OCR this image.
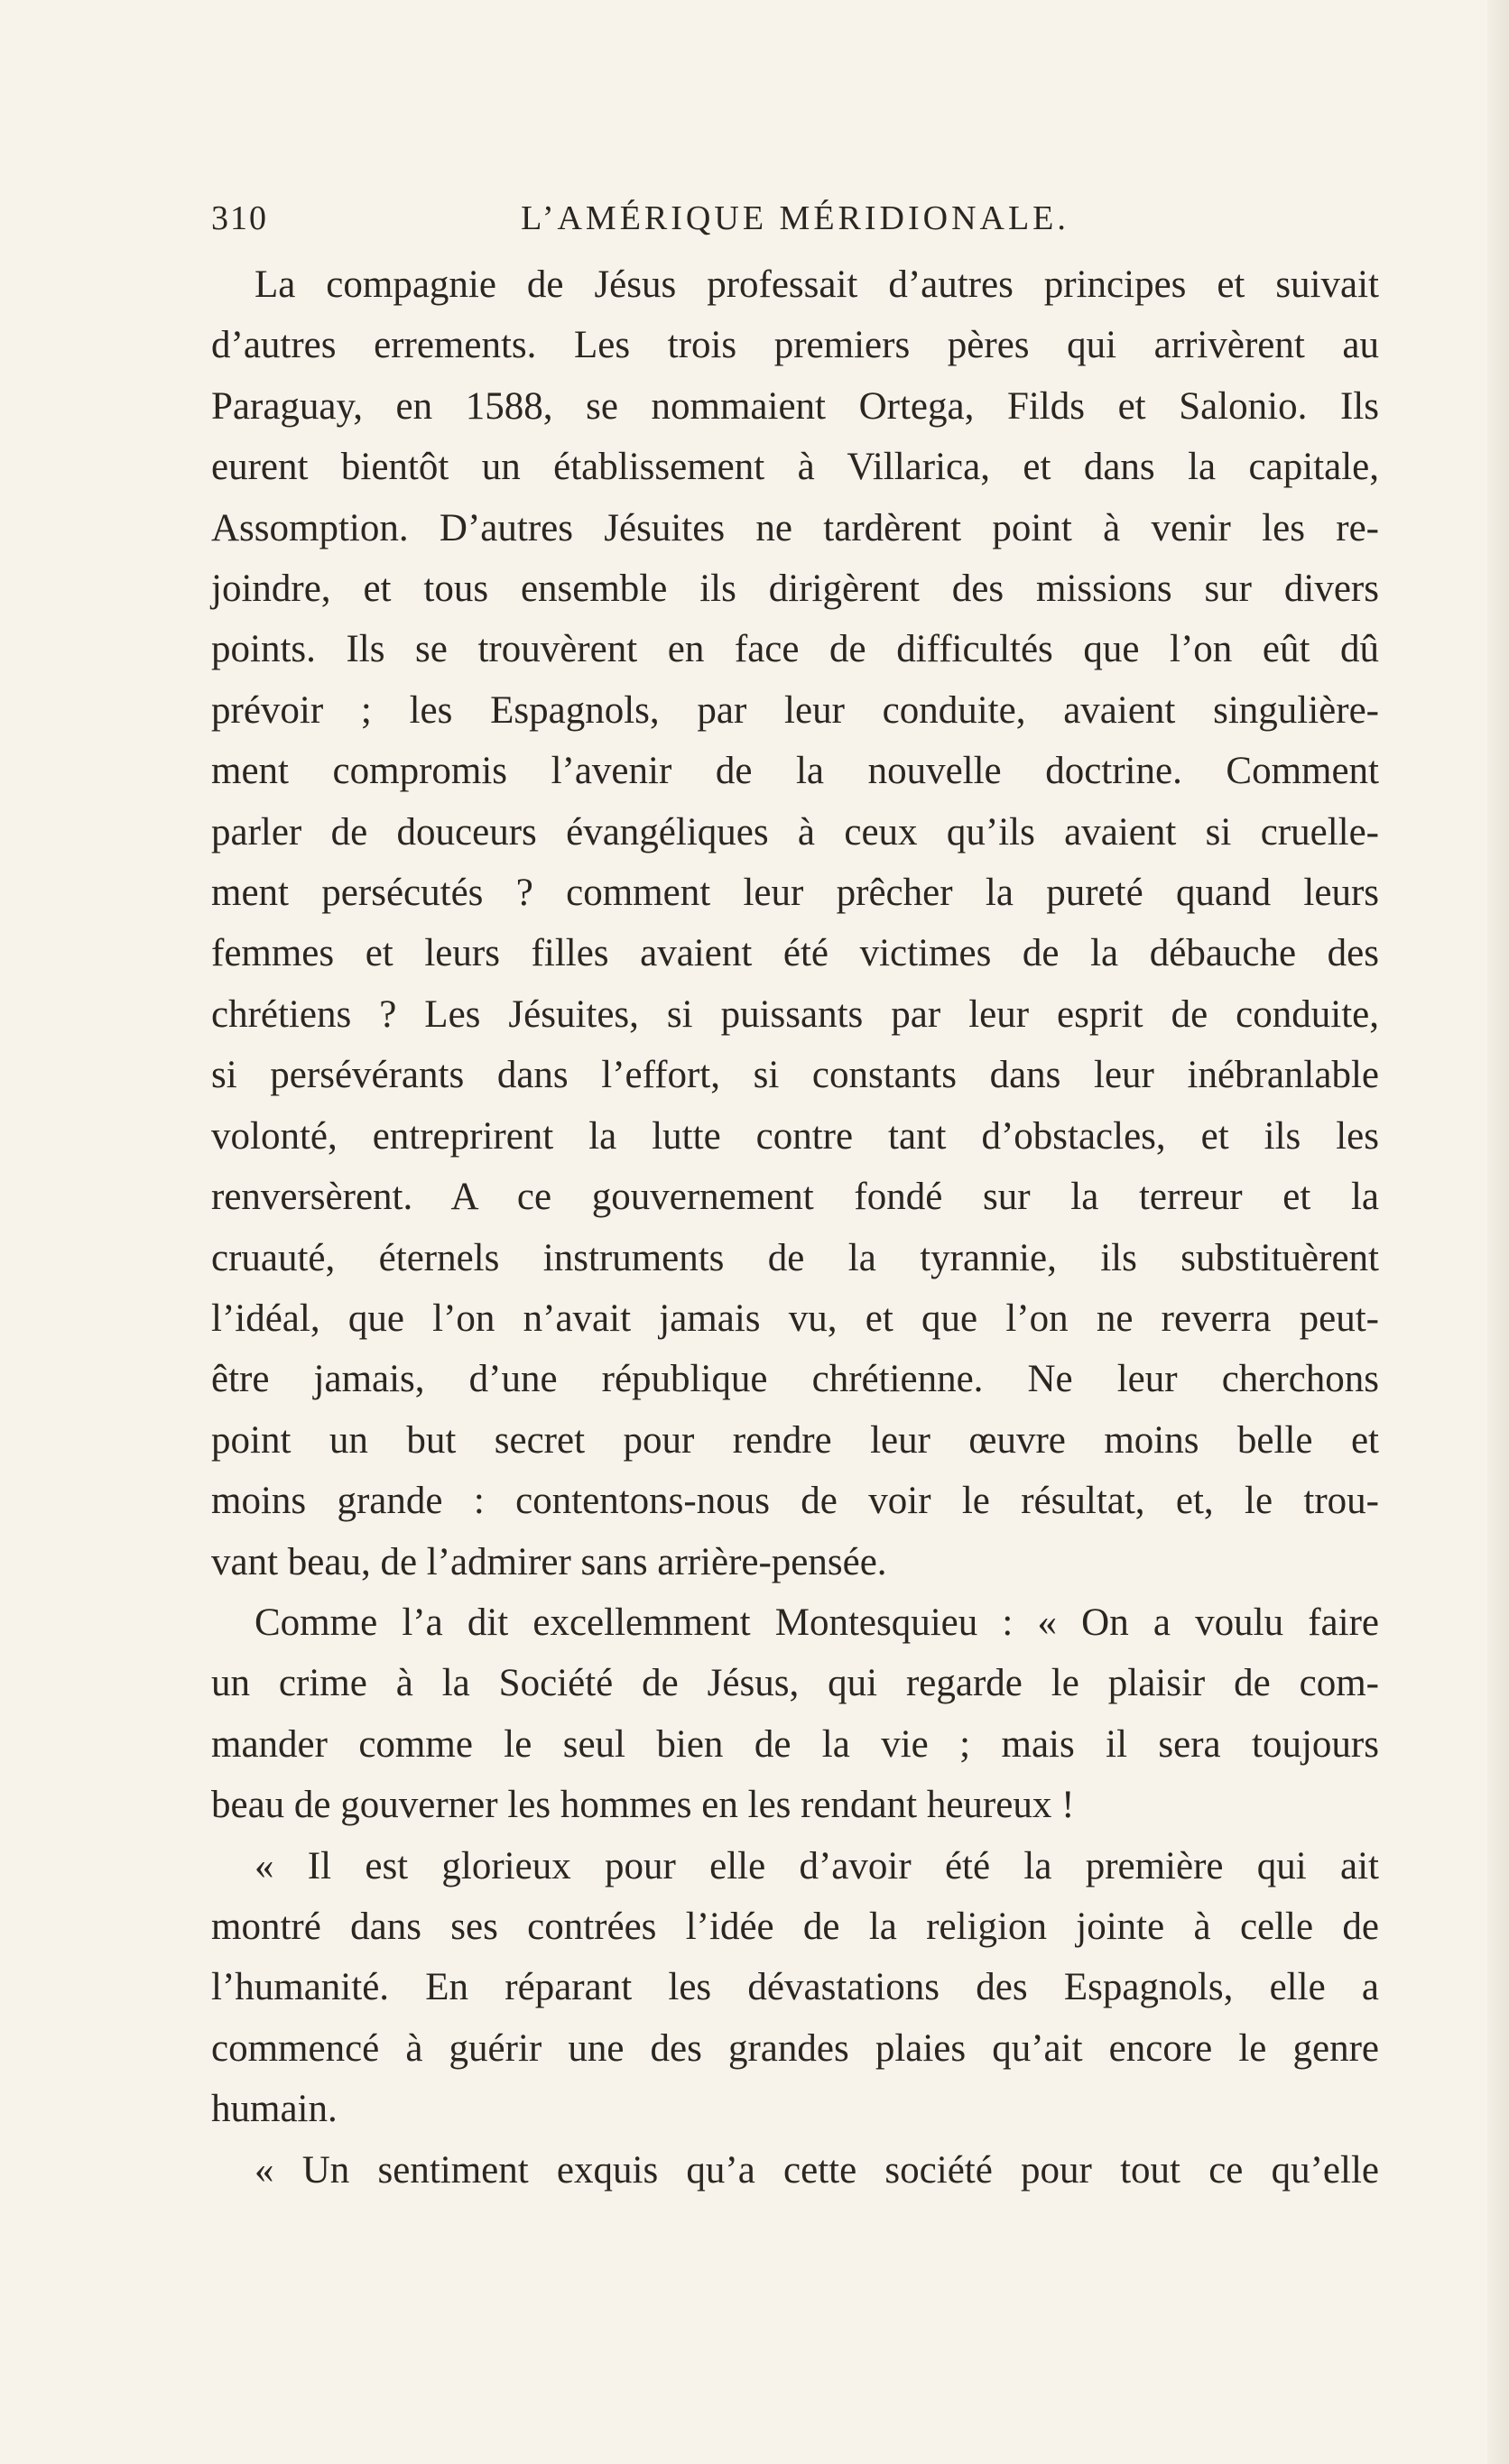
310	L’AMÉRIQUE MÉRIDIONALE.
La compagnie de Jésus professait d’autres principes et suivait
d’autres errements. Les trois premiers pères qui arrivèrent au
Paraguay, en 1588, se nommaient Ortega, Filds et Salonio. Ils
eurent bientôt un établissement à Villarica, et dans la capitale,
Assomption. D’autres Jésuites ne tardèrent point à venir les re-
joindre, et tous ensemble ils dirigèrent des missions sur divers
points. Ils se trouvèrent en face de difficultés que l’on eût dû
prévoir ; les Espagnols, par leur conduite, avaient singulière-
ment compromis l’avenir de la nouvelle doctrine. Comment
parler de douceurs évangéliques à ceux qu’ils avaient si cruelle-
ment persécutés ? comment leur prêcher la pureté quand leurs
femmes et leurs filles avaient été victimes de la débauche des
chrétiens ? Les Jésuites, si puissants par leur esprit de conduite,
si persévérants dans l’effort, si constants dans leur inébranlable
volonté, entreprirent la lutte contre tant d’obstacles, et ils les
renversèrent. A ce gouvernement fondé sur la terreur et la
cruauté, éternels instruments de la tyrannie, ils substituèrent
l’idéal, que l’on n’avait jamais vu, et que l’on ne reverra peut-
être jamais, d’une république chrétienne. Ne leur cherchons
point un but secret pour rendre leur œuvre moins belle et
moins grande : contentons-nous de voir le résultat, et, le trou-
vant beau, de l’admirer sans arrière-pensée.
Comme l’a dit excellemment Montesquieu : « On a voulu faire
un crime à la Société de Jésus, qui regarde le plaisir de com-
mander comme le seul bien de la vie ; mais il sera toujours
beau de gouverner les hommes en les rendant heureux !
« Il est glorieux pour elle d’avoir été la première qui ait
montré dans ses contrées l’idée de la religion jointe à celle de
l’humanité. En réparant les dévastations des Espagnols, elle a
commencé à guérir une des grandes plaies qu’ait encore le genre
humain.
« Un sentiment exquis qu’a cette société pour tout ce qu’elle
